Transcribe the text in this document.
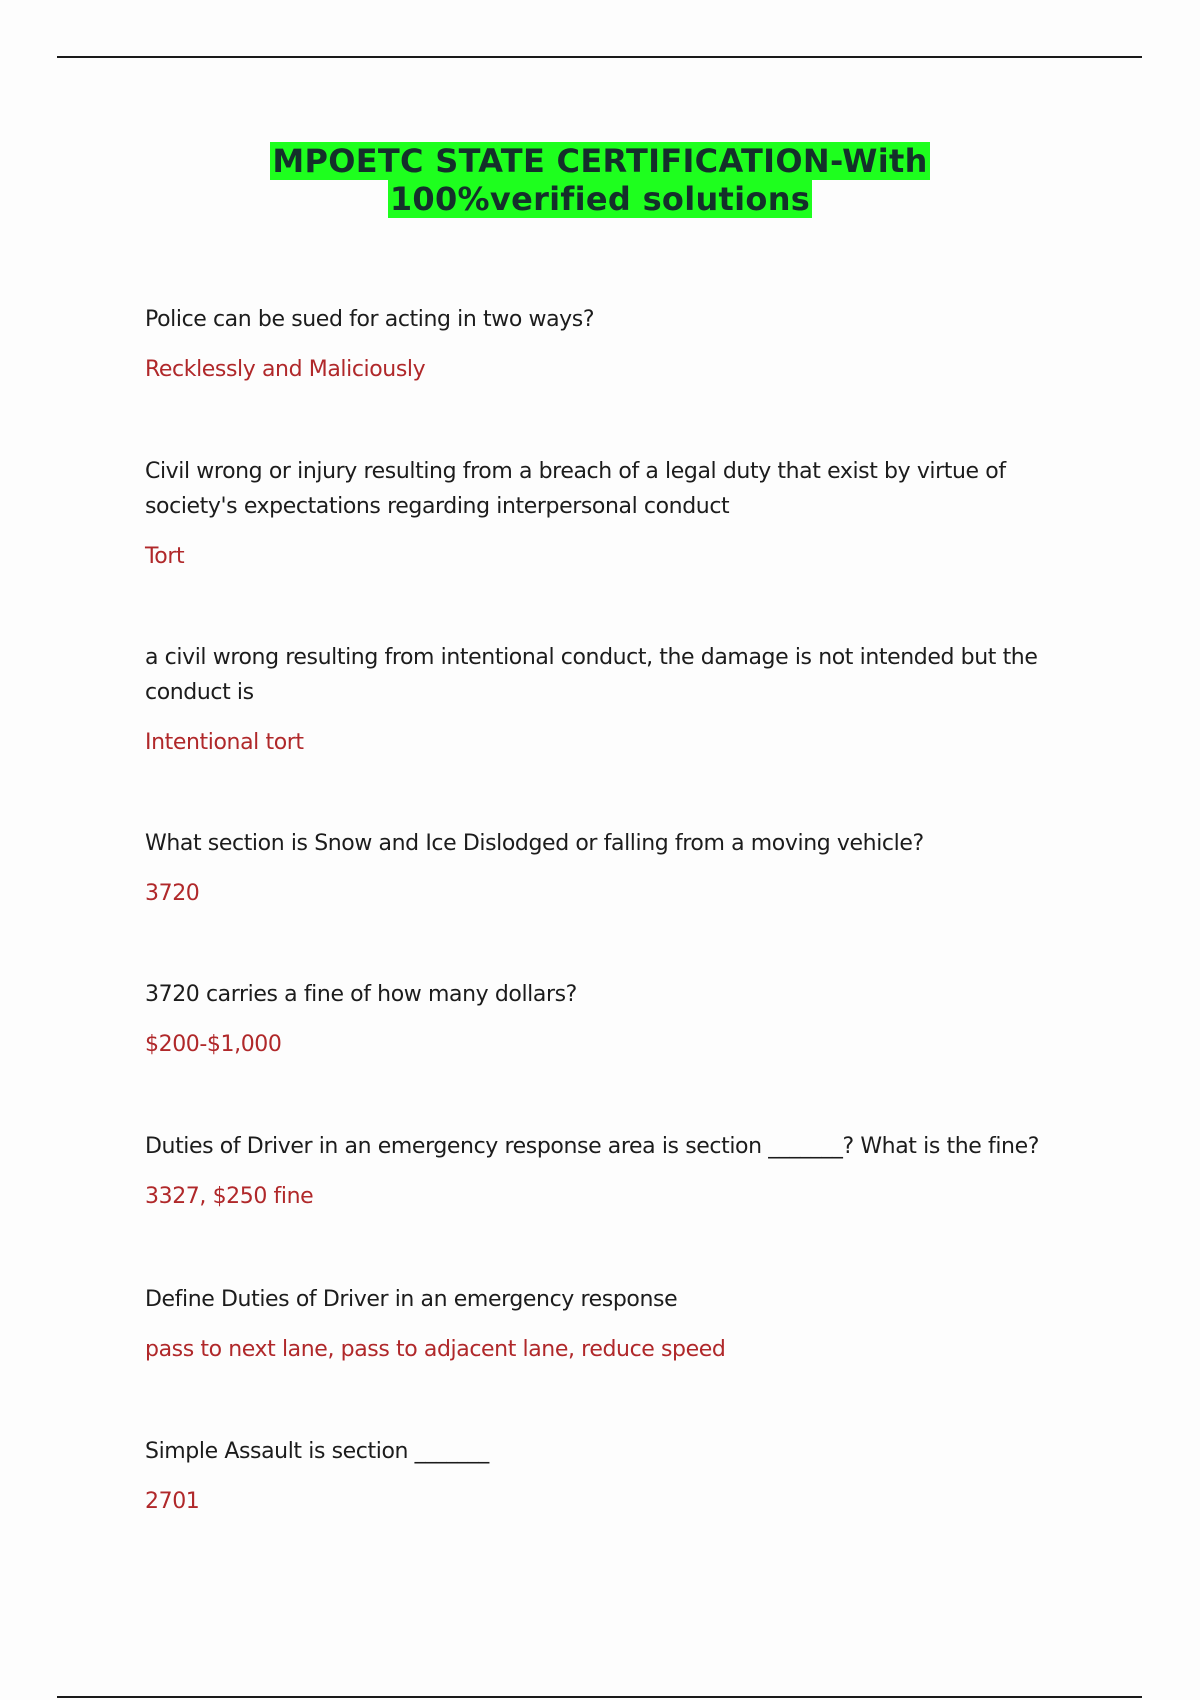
MPOETC STATE CERTIFICATION-With
100%verified solutions

Police can be sued for acting in two ways?

Recklessly and Maliciously

Civil wrong or injury resulting from a breach of a legal duty that exist by virtue of society's expectations regarding interpersonal conduct

Tort

a civil wrong resulting from intentional conduct, the damage is not intended but the conduct is

Intentional tort

What section is Snow and Ice Dislodged or falling from a moving vehicle?

3720

3720 carries a fine of how many dollars?

$200-$1,000

Duties of Driver in an emergency response area is section _______? What is the fine?

3327, $250 fine

Define Duties of Driver in an emergency response

pass to next lane, pass to adjacent lane, reduce speed

Simple Assault is section _______

2701
